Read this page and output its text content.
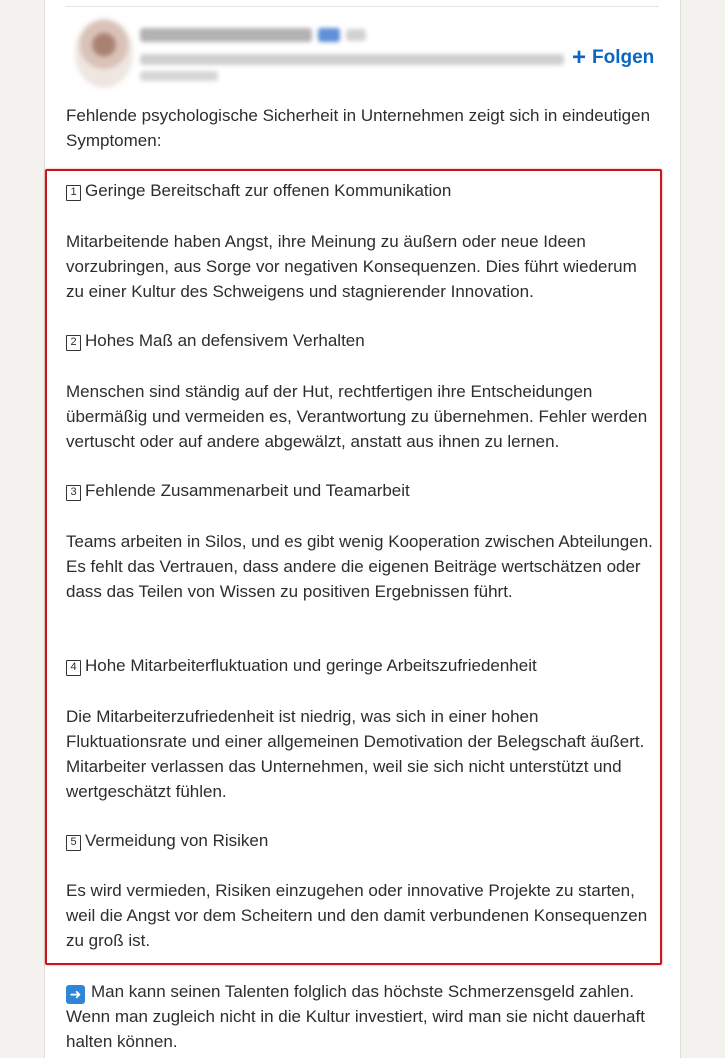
+ Folgen
Fehlende psychologische Sicherheit in Unternehmen zeigt sich in eindeutigen Symptomen:
1 Geringe Bereitschaft zur offenen Kommunikation
Mitarbeitende haben Angst, ihre Meinung zu äußern oder neue Ideen vorzubringen, aus Sorge vor negativen Konsequenzen. Dies führt wiederum zu einer Kultur des Schweigens und stagnierender Innovation.
2 Hohes Maß an defensivem Verhalten
Menschen sind ständig auf der Hut, rechtfertigen ihre Entscheidungen übermäßig und vermeiden es, Verantwortung zu übernehmen. Fehler werden vertuscht oder auf andere abgewälzt, anstatt aus ihnen zu lernen.
3 Fehlende Zusammenarbeit und Teamarbeit
Teams arbeiten in Silos, und es gibt wenig Kooperation zwischen Abteilungen. Es fehlt das Vertrauen, dass andere die eigenen Beiträge wertschätzen oder dass das Teilen von Wissen zu positiven Ergebnissen führt.
4 Hohe Mitarbeiterfluktuation und geringe Arbeitszufriedenheit
Die Mitarbeiterzufriedenheit ist niedrig, was sich in einer hohen Fluktuationsrate und einer allgemeinen Demotivation der Belegschaft äußert. Mitarbeiter verlassen das Unternehmen, weil sie sich nicht unterstützt und wertgeschätzt fühlen.
5 Vermeidung von Risiken
Es wird vermieden, Risiken einzugehen oder innovative Projekte zu starten, weil die Angst vor dem Scheitern und den damit verbundenen Konsequenzen zu groß ist.
➜ Man kann seinen Talenten folglich das höchste Schmerzensgeld zahlen. Wenn man zugleich nicht in die Kultur investiert, wird man sie nicht dauerhaft halten können.
